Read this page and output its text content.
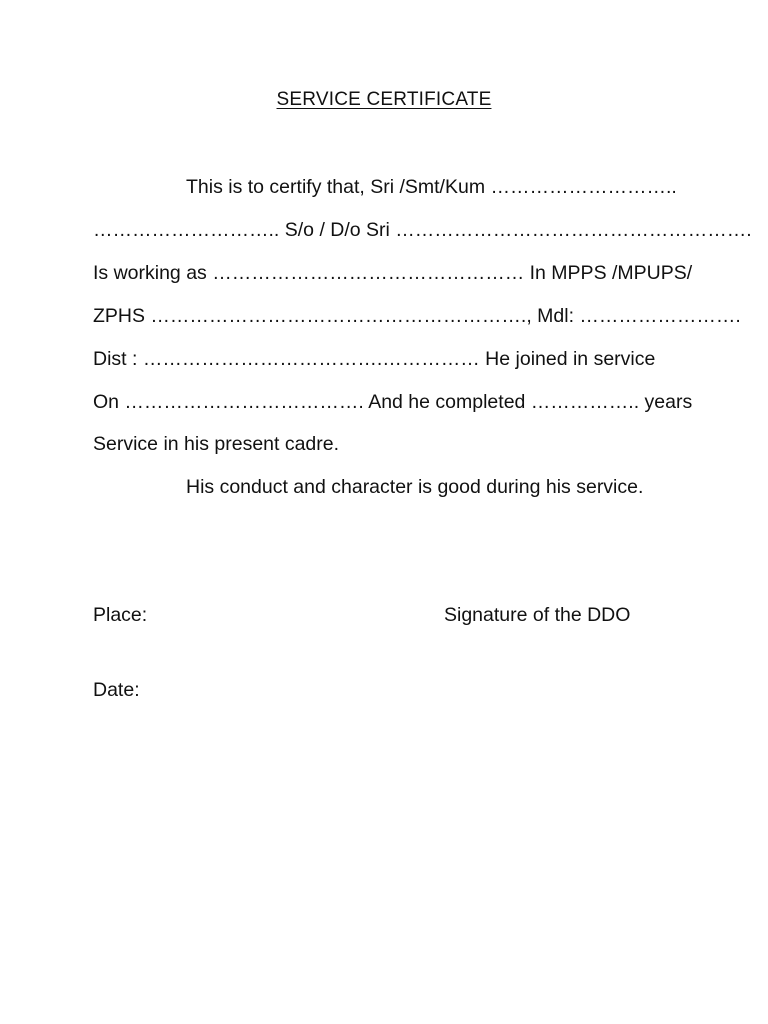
SERVICE CERTIFICATE
This is to certify that, Sri /Smt/Kum ………………………..
……………………….. S/o / D/o Sri ……………………………………………….
Is working as ………………………………………… In MPPS /MPUPS/
ZPHS …………………………………………………., Mdl: …………………….
Dist : ……………………………….…………… He joined in service
On ………………………………. And he completed …………….. years
Service in his present cadre.
His conduct and character is good during his service.
Place:	Signature of the DDO
Date:
